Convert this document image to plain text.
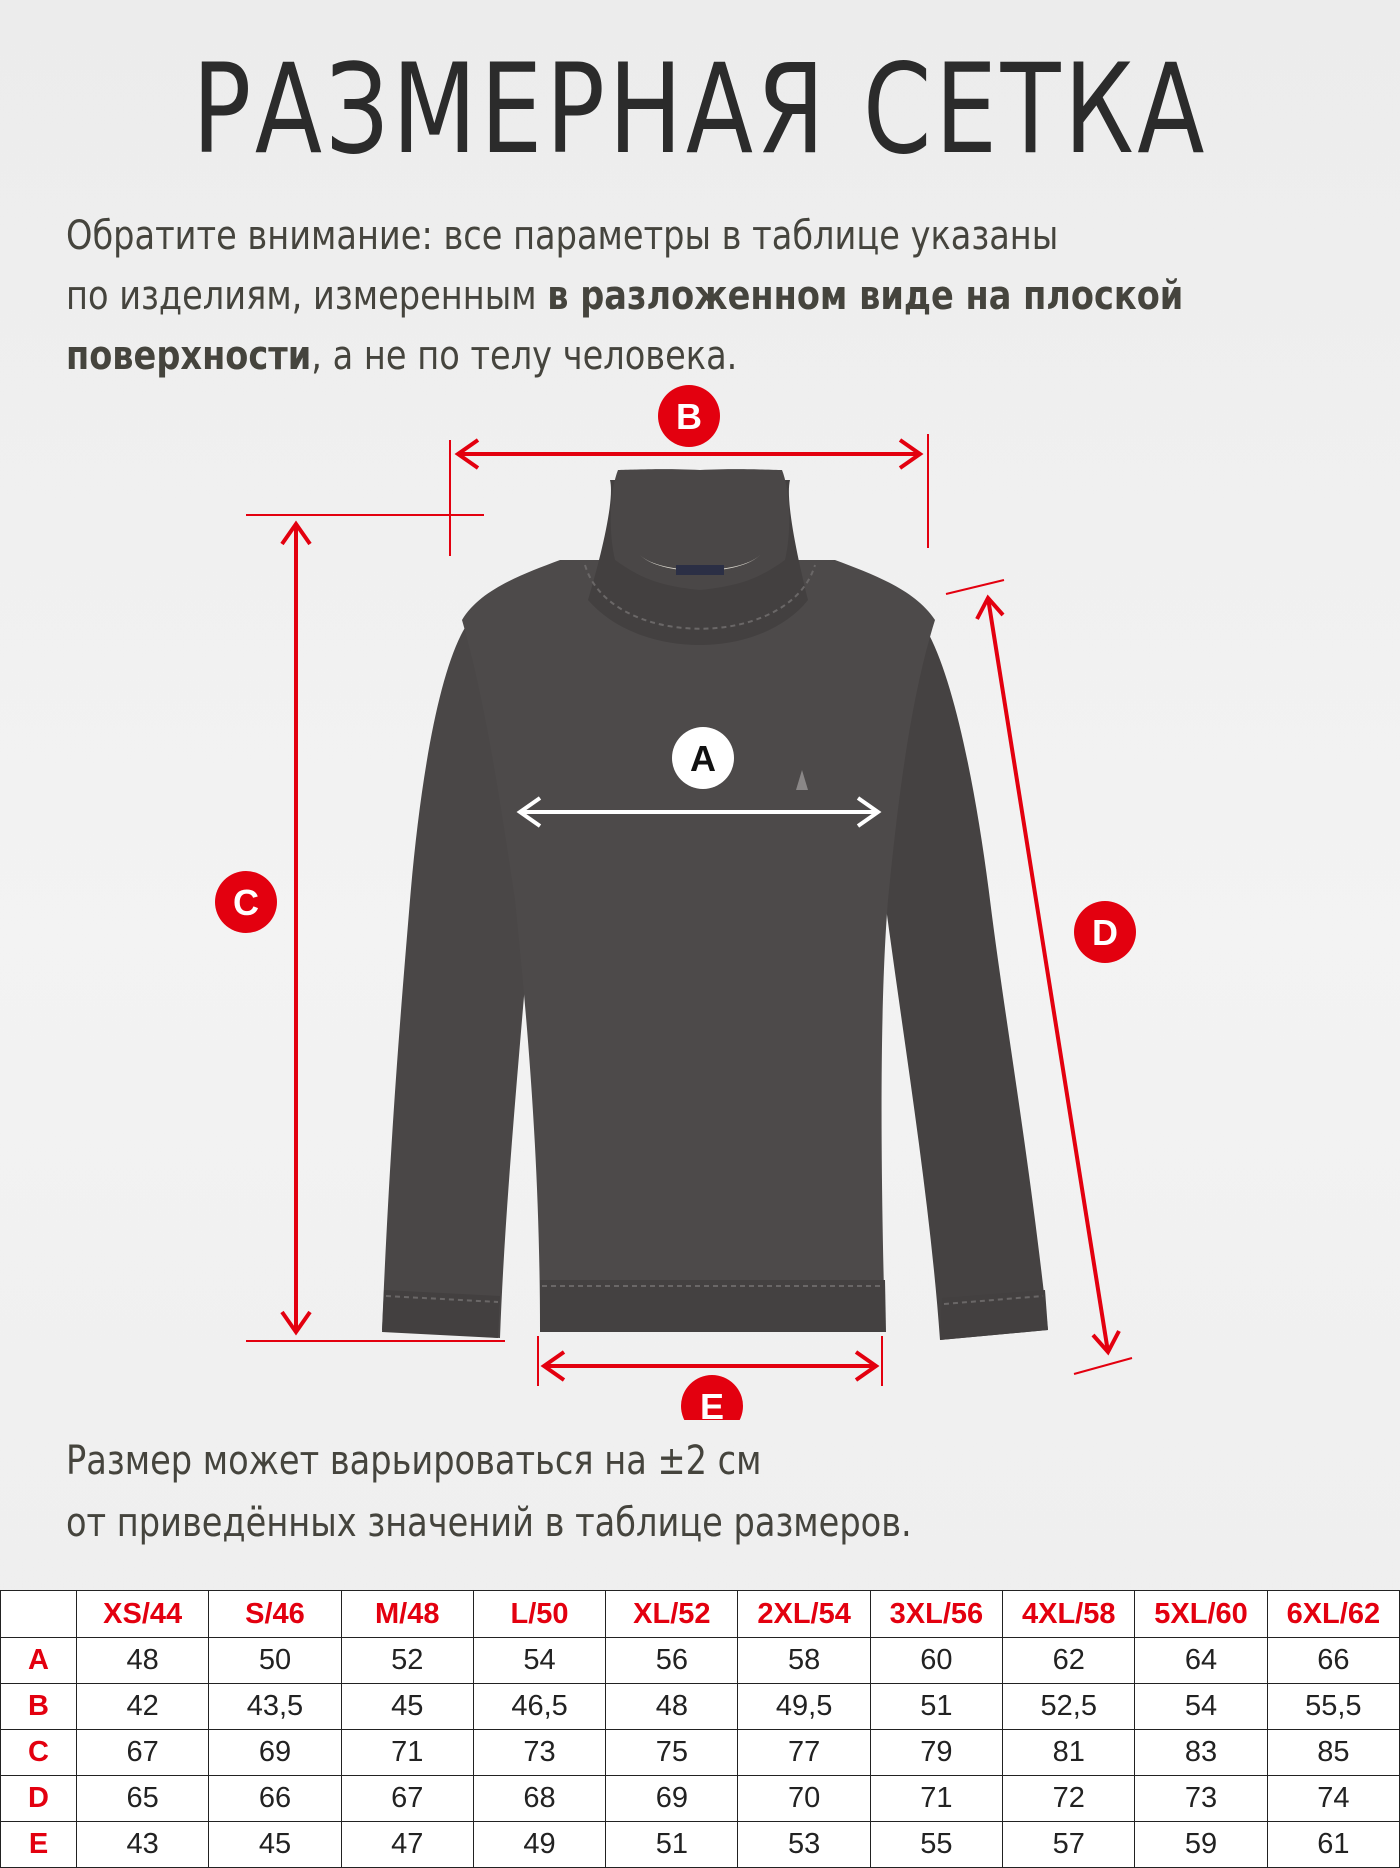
РАЗМЕРНАЯ СЕТКА
Обратите внимание: все параметры в таблице указаны
по изделиям, измеренным в разложенном виде на плоской
поверхности, а не по телу человека.
A
B
C
D
E
Размер может варьироваться на ±2 см
от приведённых значений в таблице размеров.
	XS/44	S/46	M/48	L/50	XL/52	2XL/54	3XL/56	4XL/58	5XL/60	6XL/62
A	48	50	52	54	56	58	60	62	64	66
B	42	43,5	45	46,5	48	49,5	51	52,5	54	55,5
C	67	69	71	73	75	77	79	81	83	85
D	65	66	67	68	69	70	71	72	73	74
E	43	45	47	49	51	53	55	57	59	61
